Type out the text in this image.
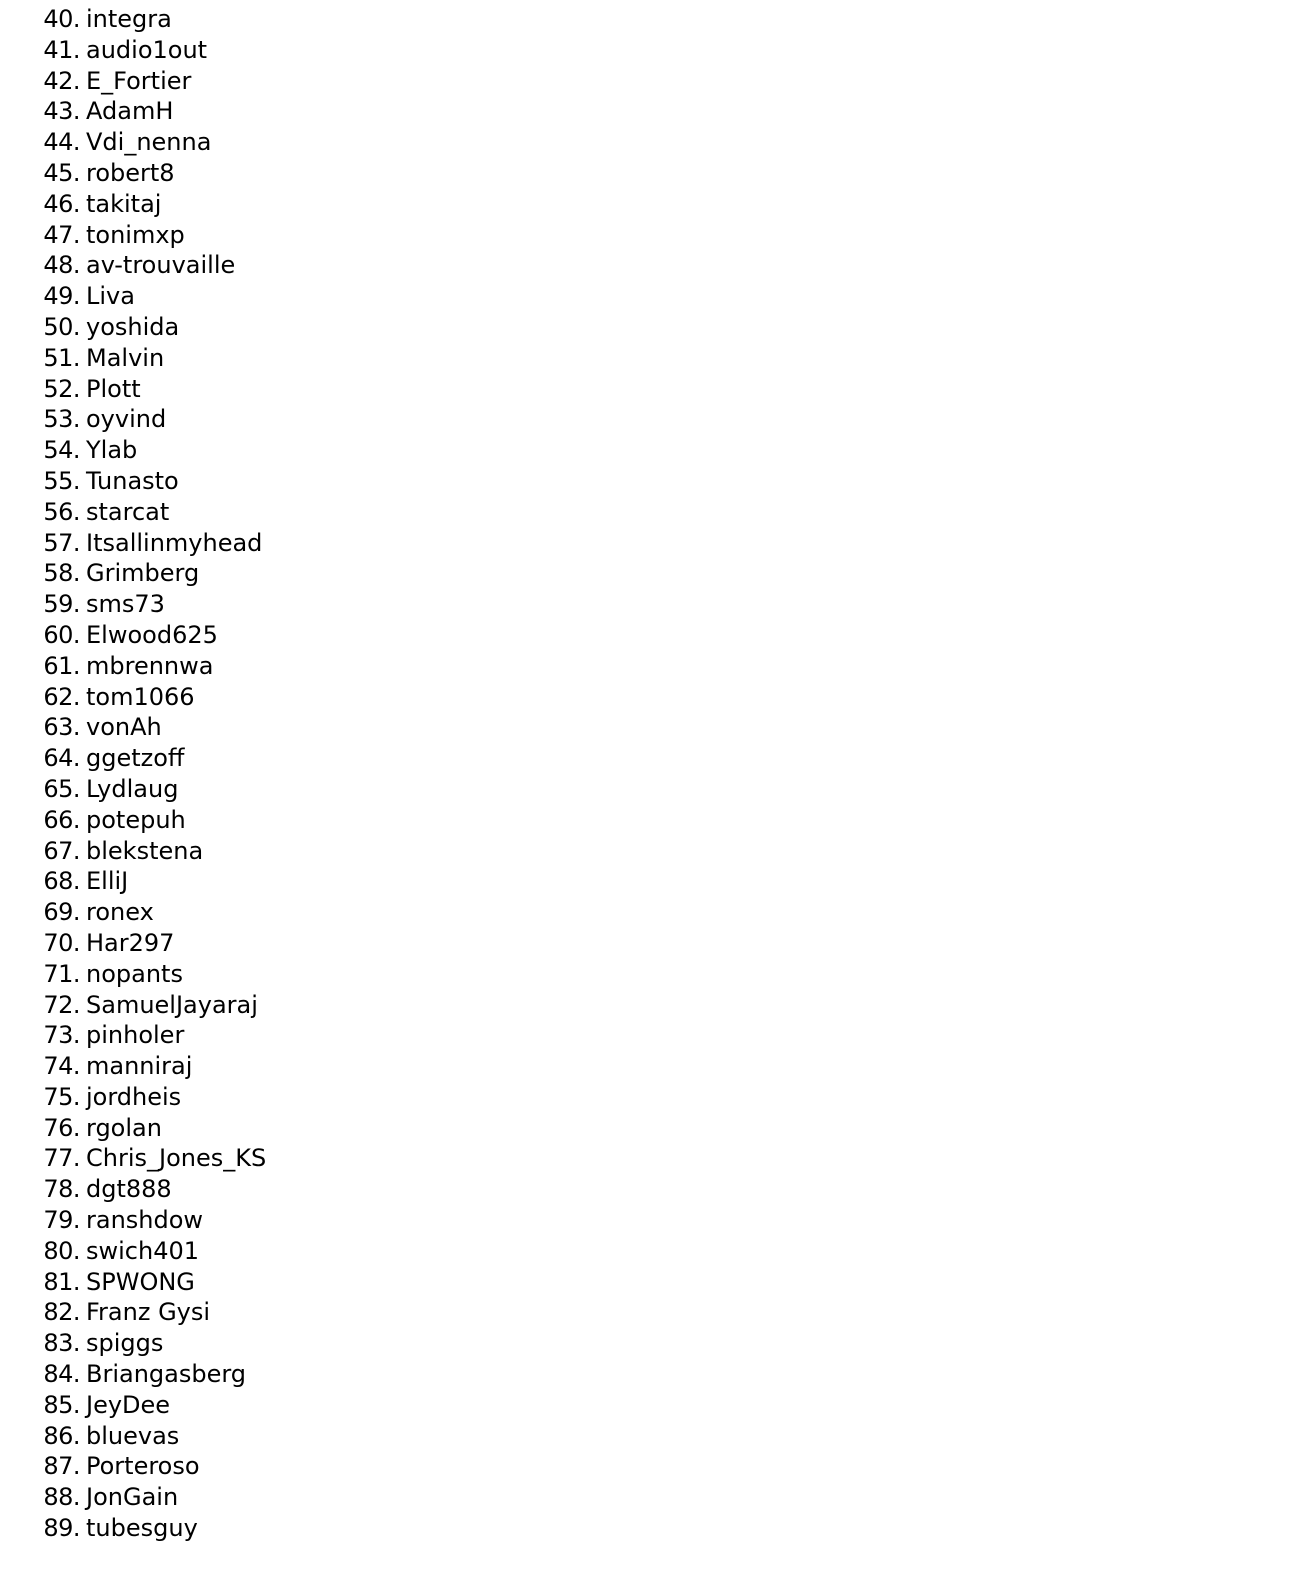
40. integra
41. audio1out
42. E_Fortier
43. AdamH
44. Vdi_nenna
45. robert8
46. takitaj
47. tonimxp
48. av-trouvaille
49. Liva
50. yoshida
51. Malvin
52. Plott
53. oyvind
54. Ylab
55. Tunasto
56. starcat
57. Itsallinmyhead
58. Grimberg
59. sms73
60. Elwood625
61. mbrennwa
62. tom1066
63. vonAh
64. ggetzoff
65. Lydlaug
66. potepuh
67. blekstena
68. ElliJ
69. ronex
70. Har297
71. nopants
72. SamuelJayaraj
73. pinholer
74. manniraj
75. jordheis
76. rgolan
77. Chris_Jones_KS
78. dgt888
79. ranshdow
80. swich401
81. SPWONG
82. Franz Gysi
83. spiggs
84. Briangasberg
85. JeyDee
86. bluevas
87. Porteroso
88. JonGain
89. tubesguy
